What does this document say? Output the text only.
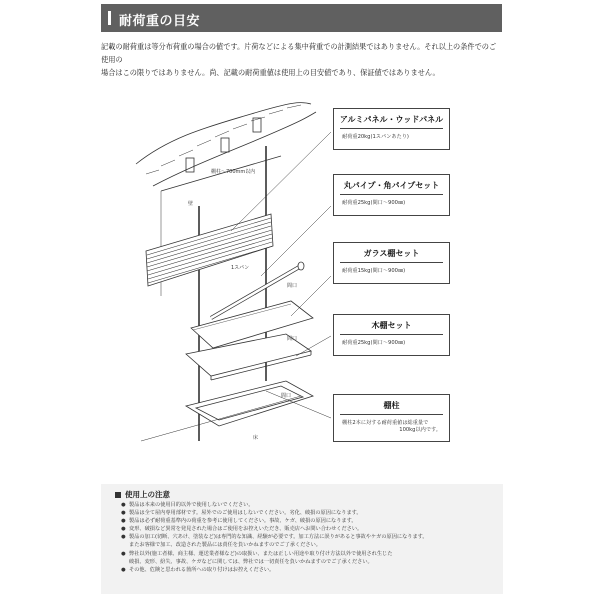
耐荷重の目安

記載の耐荷重は等分布荷重の場合の値です。片荷などによる集中荷重での計測結果ではありません。それ以上の条件でのご使用の

場合はこの限りではありません。尚、記載の耐荷重値は使用上の目安値であり、保証値ではありません。

棚柱～700mm以内
壁
1スパン
間口
間口
間口
床
アルミパネル・ウッドパネル
耐荷重20kg(1スパンあたり)
丸パイプ・角パイプセット
耐荷重25kg(間口～900㎜)
ガラス棚セット
耐荷重15kg(間口～900㎜)
木棚セット
耐荷重25kg(間口～900㎜)
棚柱
棚柱2本に対する耐荷重値は総重量で
100kg以内です。
使用上の注意
● 製品は本来の使用目的以外で使用しないでください。
● 製品は全て屋内専用部材です。屋外でのご使用はしないでください。劣化、破損の原因になります。
● 製品は必ず耐荷重基準内の荷重を参考に使用してください。事故、ケガ、破損の原因になります。
● 変形、破損など異常を発見された場合はご使用をお控えいただき、販売店へお問い合わせください。
● 製品の加工(切断、穴あけ、塗装など)は専門的な知識、経験が必要です。加工方法に誤りがあると事故やケガの原因になります。
またお客様で加工、改造された製品には責任を負いかねますのでご了承ください。
● 弊社以外(施工者様、商主様、運送業者様など)の取扱い、または正しい用途や取り付け方法以外で使用され生じた
破損、変形、紛失、事故、ケガなどに関しては、弊社では一切責任を負いかねますのでご了承ください。
● その他、危険と思われる箇所への取り付けはお控えください。
